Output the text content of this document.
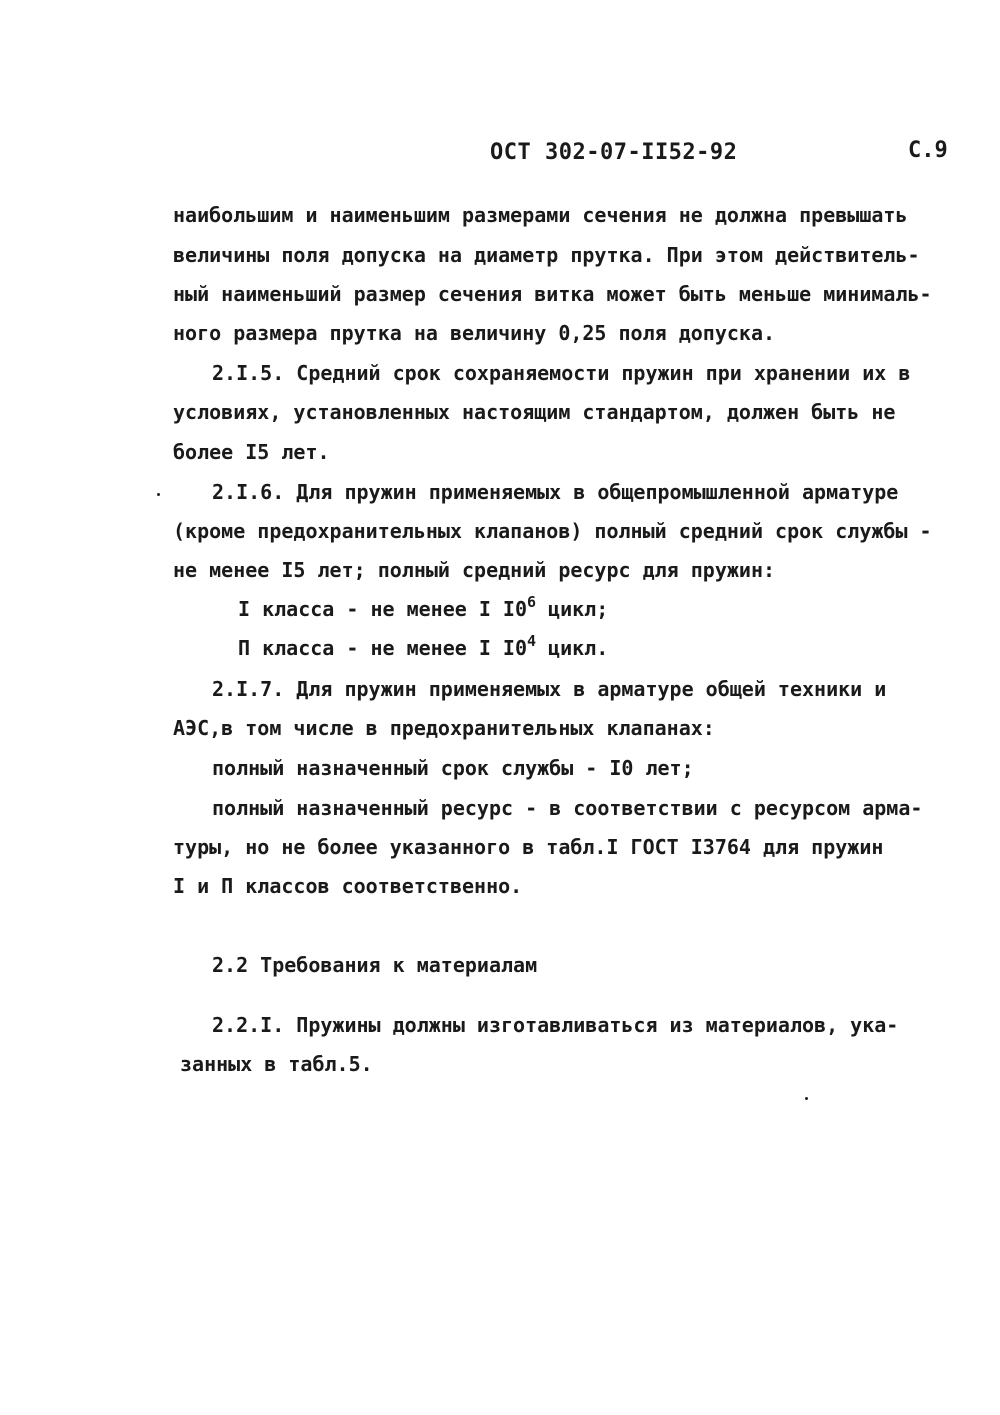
ОСТ 302-07-II52-92	С.9
наибольшим и наименьшим размерами сечения не должна превышать
величины поля допуска на диаметр прутка. При этом действитель-
ный наименьший размер сечения витка может быть меньше минималь-
ного размера прутка на величину 0,25 поля допуска.
2.I.5. Средний срок сохраняемости пружин при хранении их в
условиях, установленных настоящим стандартом, должен быть не
более I5 лет.
2.I.6. Для пружин применяемых в общепромышленной арматуре
(кроме предохранительных клапанов) полный средний срок службы -
не менее I5 лет; полный средний ресурс для пружин:
I класса - не менее I $I0^6$ цикл;
П класса - не менее I $I0^4$ цикл.
2.I.7. Для пружин применяемых в арматуре общей техники и
АЭС,в том числе в предохранительных клапанах:
полный назначенный срок службы - I0 лет;
полный назначенный ресурс - в соответствии с ресурсом арма-
туры, но не более указанного в табл.I ГОСТ I3764 для пружин
I и П классов соответственно.
2.2 Требования к материалам
2.2.I. Пружины должны изготавливаться из материалов, ука-
занных в табл.5.
